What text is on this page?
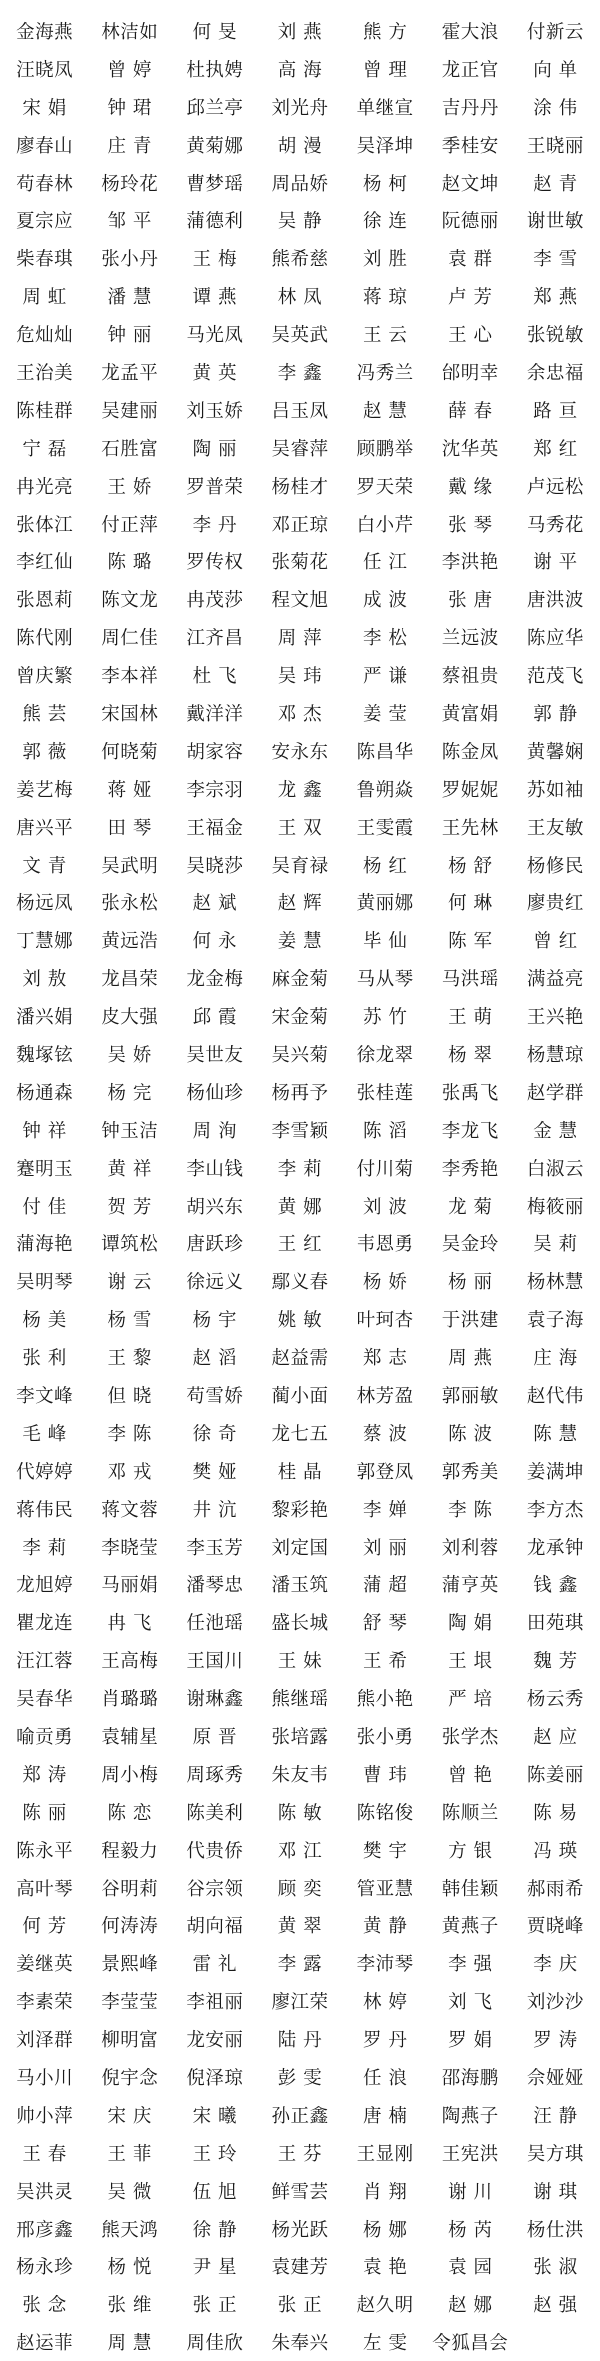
金海燕	林洁如	何 旻	刘 燕	熊 方	霍大浪	付新云
汪晓凤	曾 婷	杜执娉	高 海	曾 理	龙正官	向 单
宋 娟	钟 珺	邱兰亭	刘光舟	单继宣	吉丹丹	涂 伟
廖春山	庄 青	黄菊娜	胡 漫	吴泽坤	季桂安	王晓丽
苟春林	杨玲花	曹梦瑶	周品娇	杨 柯	赵文坤	赵 青
夏宗应	邹 平	蒲德利	吴 静	徐 连	阮德丽	谢世敏
柴春琪	张小丹	王 梅	熊希慈	刘 胜	袁 群	李 雪
周 虹	潘 慧	谭 燕	林 凤	蒋 琼	卢 芳	郑 燕
危灿灿	钟 丽	马光凤	吴英武	王 云	王 心	张锐敏
王治美	龙孟平	黄 英	李 鑫	冯秀兰	邰明幸	余忠福
陈桂群	吴建丽	刘玉娇	吕玉凤	赵 慧	薛 春	路 亘
宁 磊	石胜富	陶 丽	吴睿萍	顾鹏举	沈华英	郑 红
冉光亮	王 娇	罗普荣	杨桂才	罗天荣	戴 缘	卢远松
张体江	付正萍	李 丹	邓正琼	白小芹	张 琴	马秀花
李红仙	陈 璐	罗传权	张菊花	任 江	李洪艳	谢 平
张恩莉	陈文龙	冉茂莎	程文旭	成 波	张 唐	唐洪波
陈代刚	周仁佳	江齐昌	周 萍	李 松	兰远波	陈应华
曾庆繁	李本祥	杜 飞	吴 玮	严 谦	蔡祖贵	范茂飞
熊 芸	宋国林	戴洋洋	邓 杰	姜 莹	黄富娟	郭 静
郭 薇	何晓菊	胡家容	安永东	陈昌华	陈金凤	黄馨娴
姜艺梅	蒋 娅	李宗羽	龙 鑫	鲁朔焱	罗妮妮	苏如袖
唐兴平	田 琴	王福金	王 双	王雯霞	王先林	王友敏
文 青	吴武明	吴晓莎	吴育禄	杨 红	杨 舒	杨修民
杨远凤	张永松	赵 斌	赵 辉	黄丽娜	何 琳	廖贵红
丁慧娜	黄远浩	何 永	姜 慧	毕 仙	陈 军	曾 红
刘 敖	龙昌荣	龙金梅	麻金菊	马从琴	马洪瑶	满益亮
潘兴娟	皮大强	邱 霞	宋金菊	苏 竹	王 萌	王兴艳
魏塚铉	吴 娇	吴世友	吴兴菊	徐龙翠	杨 翠	杨慧琼
杨通森	杨 完	杨仙珍	杨再予	张桂莲	张禹飞	赵学群
钟 祥	钟玉洁	周 洵	李雪颖	陈 滔	李龙飞	金 慧
蹇明玉	黄 祥	李山钱	李 莉	付川菊	李秀艳	白淑云
付 佳	贺 芳	胡兴东	黄 娜	刘 波	龙 菊	梅筱丽
蒲海艳	谭筑松	唐跃珍	王 红	韦恩勇	吴金玲	吴 莉
吴明琴	谢 云	徐远义	鄢义春	杨 娇	杨 丽	杨林慧
杨 美	杨 雪	杨 宇	姚 敏	叶珂杏	于洪建	袁子海
张 利	王 黎	赵 滔	赵益需	郑 志	周 燕	庄 海
李文峰	但 晓	苟雪娇	蔺小面	林芳盈	郭丽敏	赵代伟
毛 峰	李 陈	徐 奇	龙七五	蔡 波	陈 波	陈 慧
代婷婷	邓 戎	樊 娅	桂 晶	郭登凤	郭秀美	姜满坤
蒋伟民	蒋文蓉	井 沆	黎彩艳	李 婵	李 陈	李方杰
李 莉	李晓莹	李玉芳	刘定国	刘 丽	刘利蓉	龙承钟
龙旭婷	马丽娟	潘琴忠	潘玉筑	蒲 超	蒲亨英	钱 鑫
瞿龙连	冉 飞	任池瑶	盛长城	舒 琴	陶 娟	田苑琪
汪江蓉	王高梅	王国川	王 妹	王 希	王 垠	魏 芳
吴春华	肖璐璐	谢琳鑫	熊继瑶	熊小艳	严 培	杨云秀
喻贡勇	袁辅星	原 晋	张培露	张小勇	张学杰	赵 应
郑 涛	周小梅	周琢秀	朱友韦	曹 玮	曾 艳	陈姜丽
陈 丽	陈 恋	陈美利	陈 敏	陈铭俊	陈顺兰	陈 易
陈永平	程毅力	代贵侨	邓 江	樊 宇	方 银	冯 瑛
高叶琴	谷明莉	谷宗领	顾 奕	管亚慧	韩佳颖	郝雨希
何 芳	何涛涛	胡向福	黄 翠	黄 静	黄燕子	贾晓峰
姜继英	景熙峰	雷 礼	李 露	李沛琴	李 强	李 庆
李素荣	李莹莹	李祖丽	廖江荣	林 婷	刘 飞	刘沙沙
刘泽群	柳明富	龙安丽	陆 丹	罗 丹	罗 娟	罗 涛
马小川	倪宇念	倪泽琼	彭 雯	任 浪	邵海鹏	佘娅娅
帅小萍	宋 庆	宋 曦	孙正鑫	唐 楠	陶燕子	汪 静
王 春	王 菲	王 玲	王 芬	王显刚	王宪洪	吴方琪
吴洪灵	吴 微	伍 旭	鲜雪芸	肖 翔	谢 川	谢 琪
邢彦鑫	熊天鸿	徐 静	杨光跃	杨 娜	杨 芮	杨仕洪
杨永珍	杨 悦	尹 星	袁建芳	袁 艳	袁 园	张 淑
张 念	张 维	张 正	张 正	赵久明	赵 娜	赵 强
赵运菲	周 慧	周佳欣	朱奉兴	左 雯	令狐昌会
